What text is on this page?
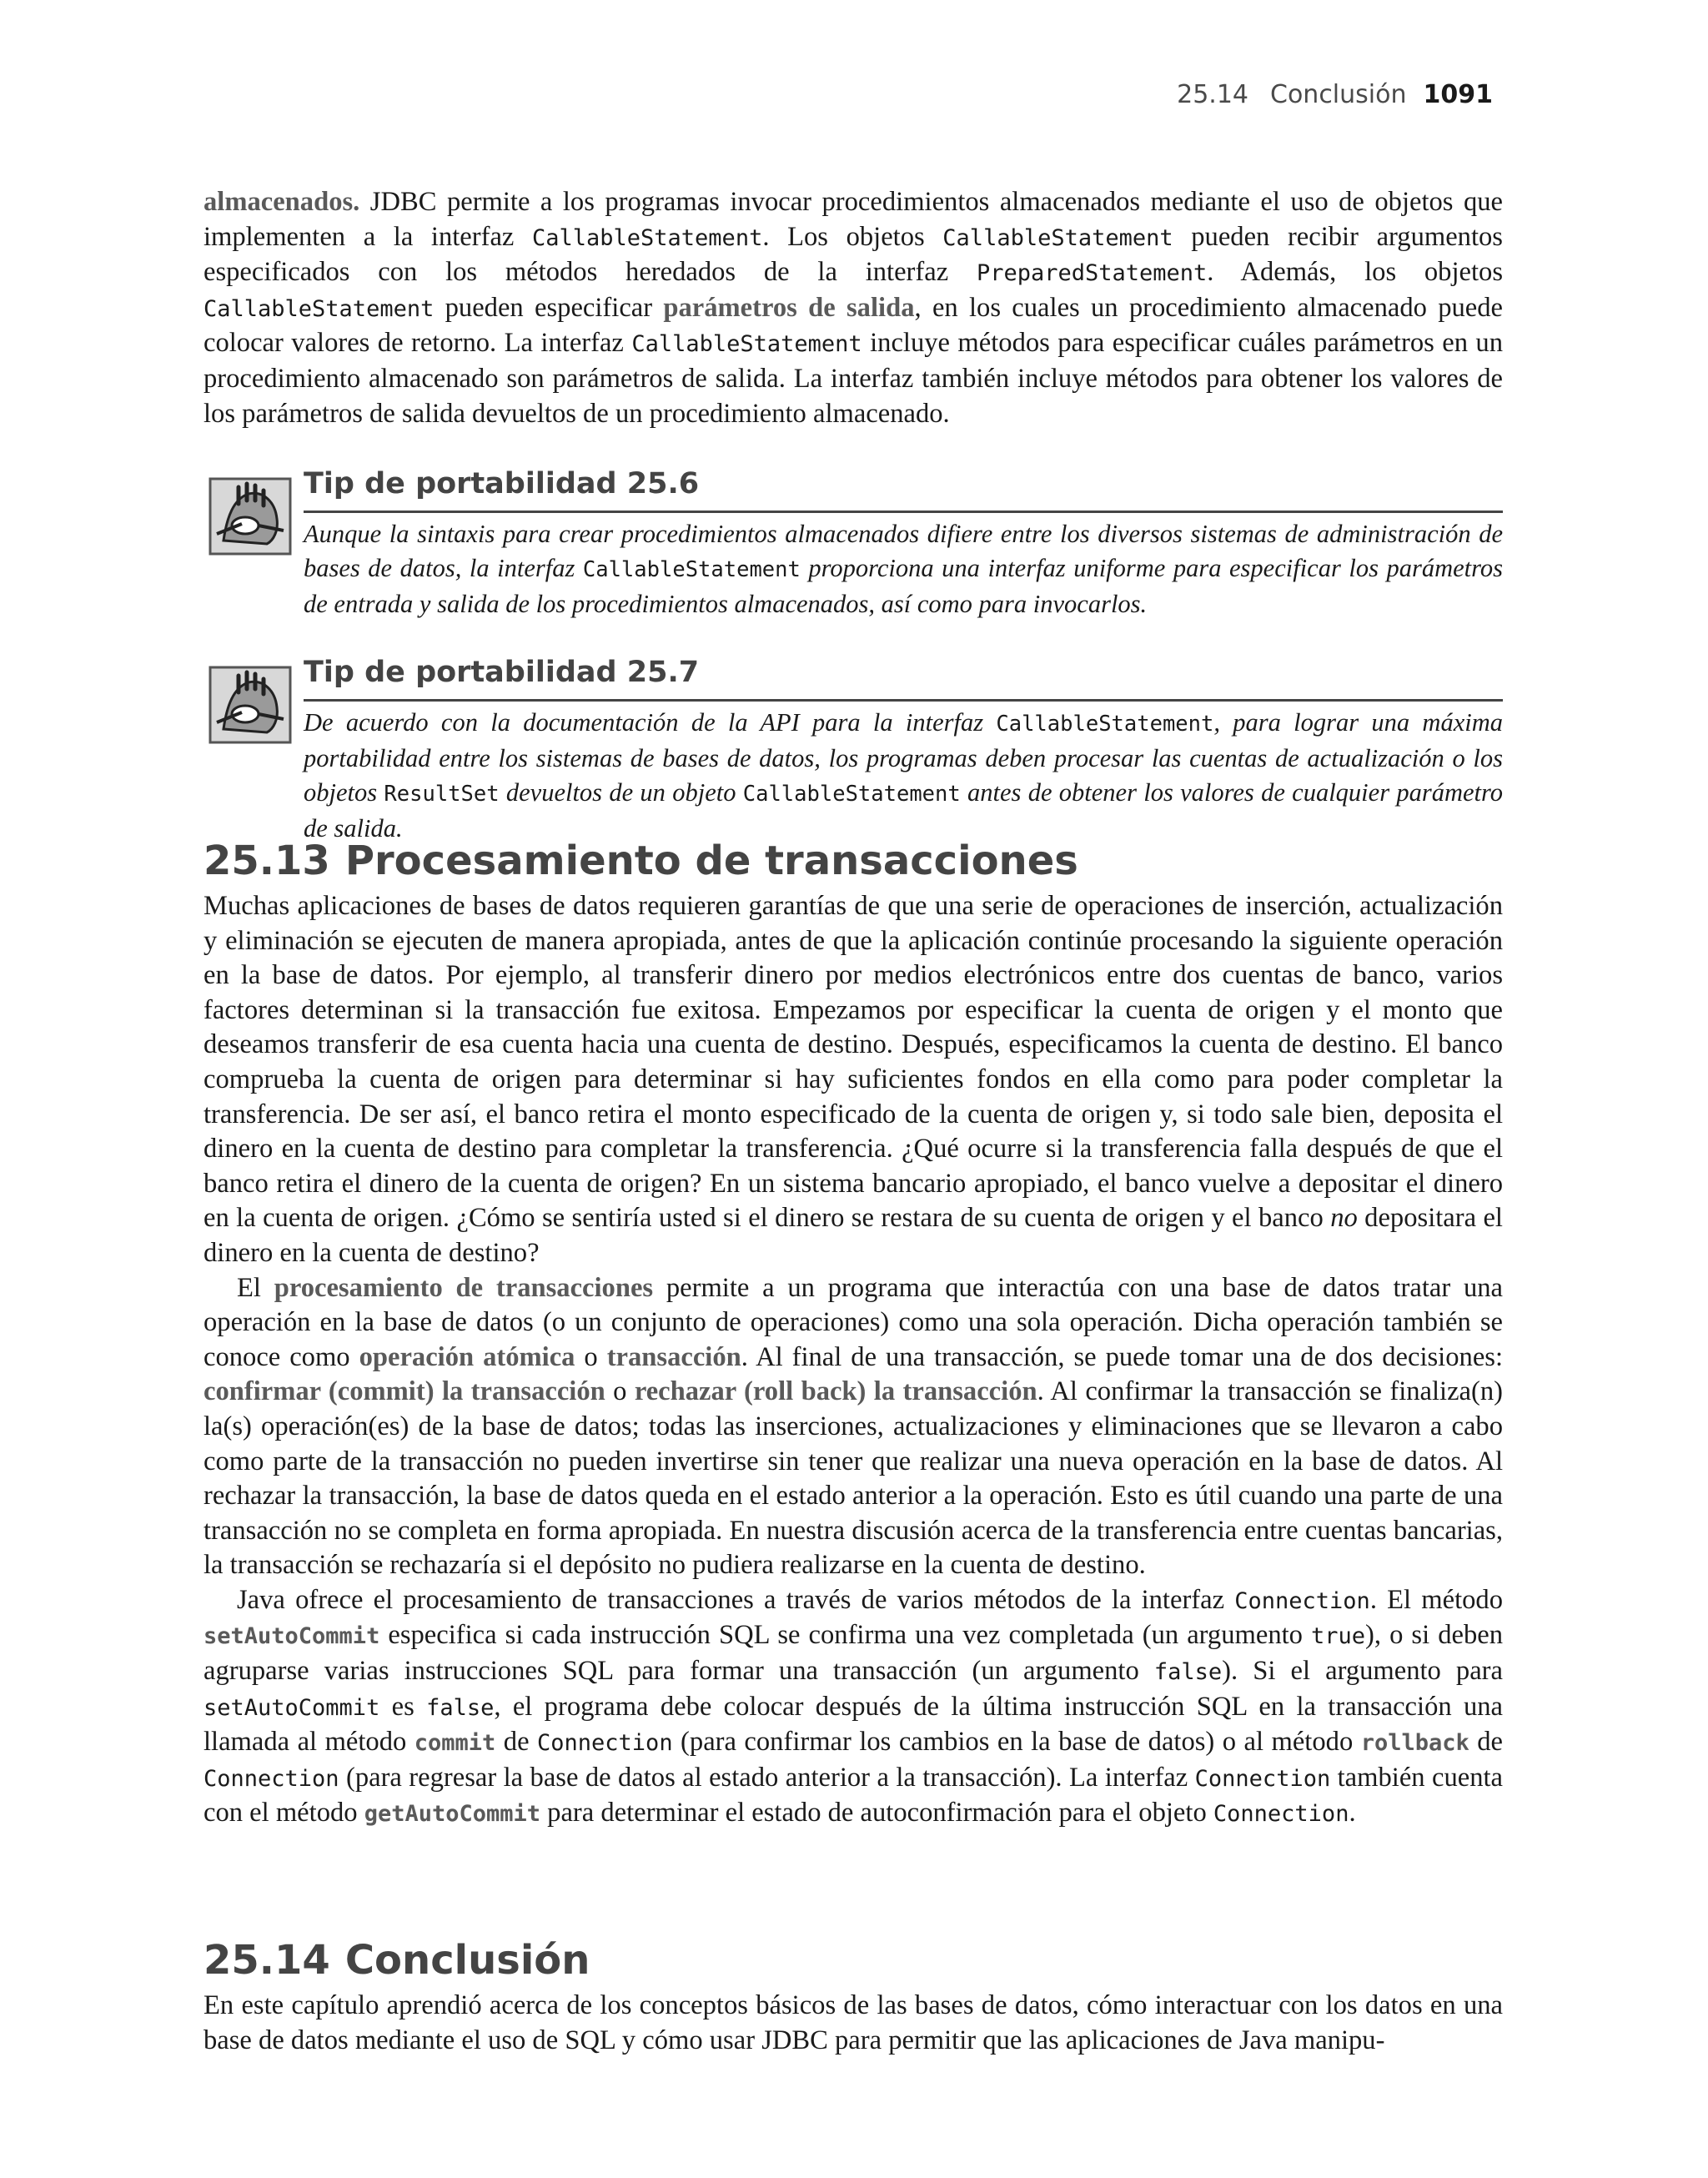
25.14 Conclusión 1091

almacenados. JDBC permite a los programas invocar procedimientos almacenados mediante el uso de objetos que implementen a la interfaz CallableStatement. Los objetos CallableStatement pueden recibir argumentos especificados con los métodos heredados de la interfaz PreparedStatement. Además, los objetos CallableStatement pueden especificar parámetros de salida, en los cuales un procedimiento almacenado puede colocar valores de retorno. La interfaz CallableStatement incluye métodos para especificar cuáles parámetros en un procedimiento almacenado son parámetros de salida. La interfaz también incluye métodos para obtener los valores de los parámetros de salida devueltos de un procedimiento almacenado.

Tip de portabilidad 25.6
Aunque la sintaxis para crear procedimientos almacenados difiere entre los diversos sistemas de administración de bases de datos, la interfaz CallableStatement proporciona una interfaz uniforme para especificar los parámetros de entrada y salida de los procedimientos almacenados, así como para invocarlos.
Tip de portabilidad 25.7
De acuerdo con la documentación de la API para la interfaz CallableStatement, para lograr una máxima portabilidad entre los sistemas de bases de datos, los programas deben procesar las cuentas de actualización o los objetos ResultSet devueltos de un objeto CallableStatement antes de obtener los valores de cualquier parámetro de salida.
25.13 Procesamiento de transacciones

Muchas aplicaciones de bases de datos requieren garantías de que una serie de operaciones de inserción, actualización y eliminación se ejecuten de manera apropiada, antes de que la aplicación continúe procesando la siguiente operación en la base de datos. Por ejemplo, al transferir dinero por medios electrónicos entre dos cuentas de banco, varios factores determinan si la transacción fue exitosa. Empezamos por especificar la cuenta de origen y el monto que deseamos transferir de esa cuenta hacia una cuenta de destino. Después, especificamos la cuenta de destino. El banco comprueba la cuenta de origen para determinar si hay suficientes fondos en ella como para poder completar la transferencia. De ser así, el banco retira el monto especificado de la cuenta de origen y, si todo sale bien, deposita el dinero en la cuenta de destino para completar la transferencia. ¿Qué ocurre si la transferencia falla después de que el banco retira el dinero de la cuenta de origen? En un sistema bancario apropiado, el banco vuelve a depositar el dinero en la cuenta de origen. ¿Cómo se sentiría usted si el dinero se restara de su cuenta de origen y el banco no depositara el dinero en la cuenta de destino?

El procesamiento de transacciones permite a un programa que interactúa con una base de datos tratar una operación en la base de datos (o un conjunto de operaciones) como una sola operación. Dicha operación también se conoce como operación atómica o transacción. Al final de una transacción, se puede tomar una de dos decisiones: confirmar (commit) la transacción o rechazar (roll back) la transacción. Al confirmar la transacción se finaliza(n) la(s) operación(es) de la base de datos; todas las inserciones, actualizaciones y eliminaciones que se llevaron a cabo como parte de la transacción no pueden invertirse sin tener que realizar una nueva operación en la base de datos. Al rechazar la transacción, la base de datos queda en el estado anterior a la operación. Esto es útil cuando una parte de una transacción no se completa en forma apropiada. En nuestra discusión acerca de la transferencia entre cuentas bancarias, la transacción se rechazaría si el depósito no pudiera realizarse en la cuenta de destino.

Java ofrece el procesamiento de transacciones a través de varios métodos de la interfaz Connection. El método setAutoCommit especifica si cada instrucción SQL se confirma una vez completada (un argumento true), o si deben agruparse varias instrucciones SQL para formar una transacción (un argumento false). Si el argumento para setAutoCommit es false, el programa debe colocar después de la última instrucción SQL en la transacción una llamada al método commit de Connection (para confirmar los cambios en la base de datos) o al método rollback de Connection (para regresar la base de datos al estado anterior a la transacción). La interfaz Connection también cuenta con el método getAutoCommit para determinar el estado de autoconfirmación para el objeto Connection.

25.14 Conclusión

En este capítulo aprendió acerca de los conceptos básicos de las bases de datos, cómo interactuar con los datos en una base de datos mediante el uso de SQL y cómo usar JDBC para permitir que las aplicaciones de Java manipu-
